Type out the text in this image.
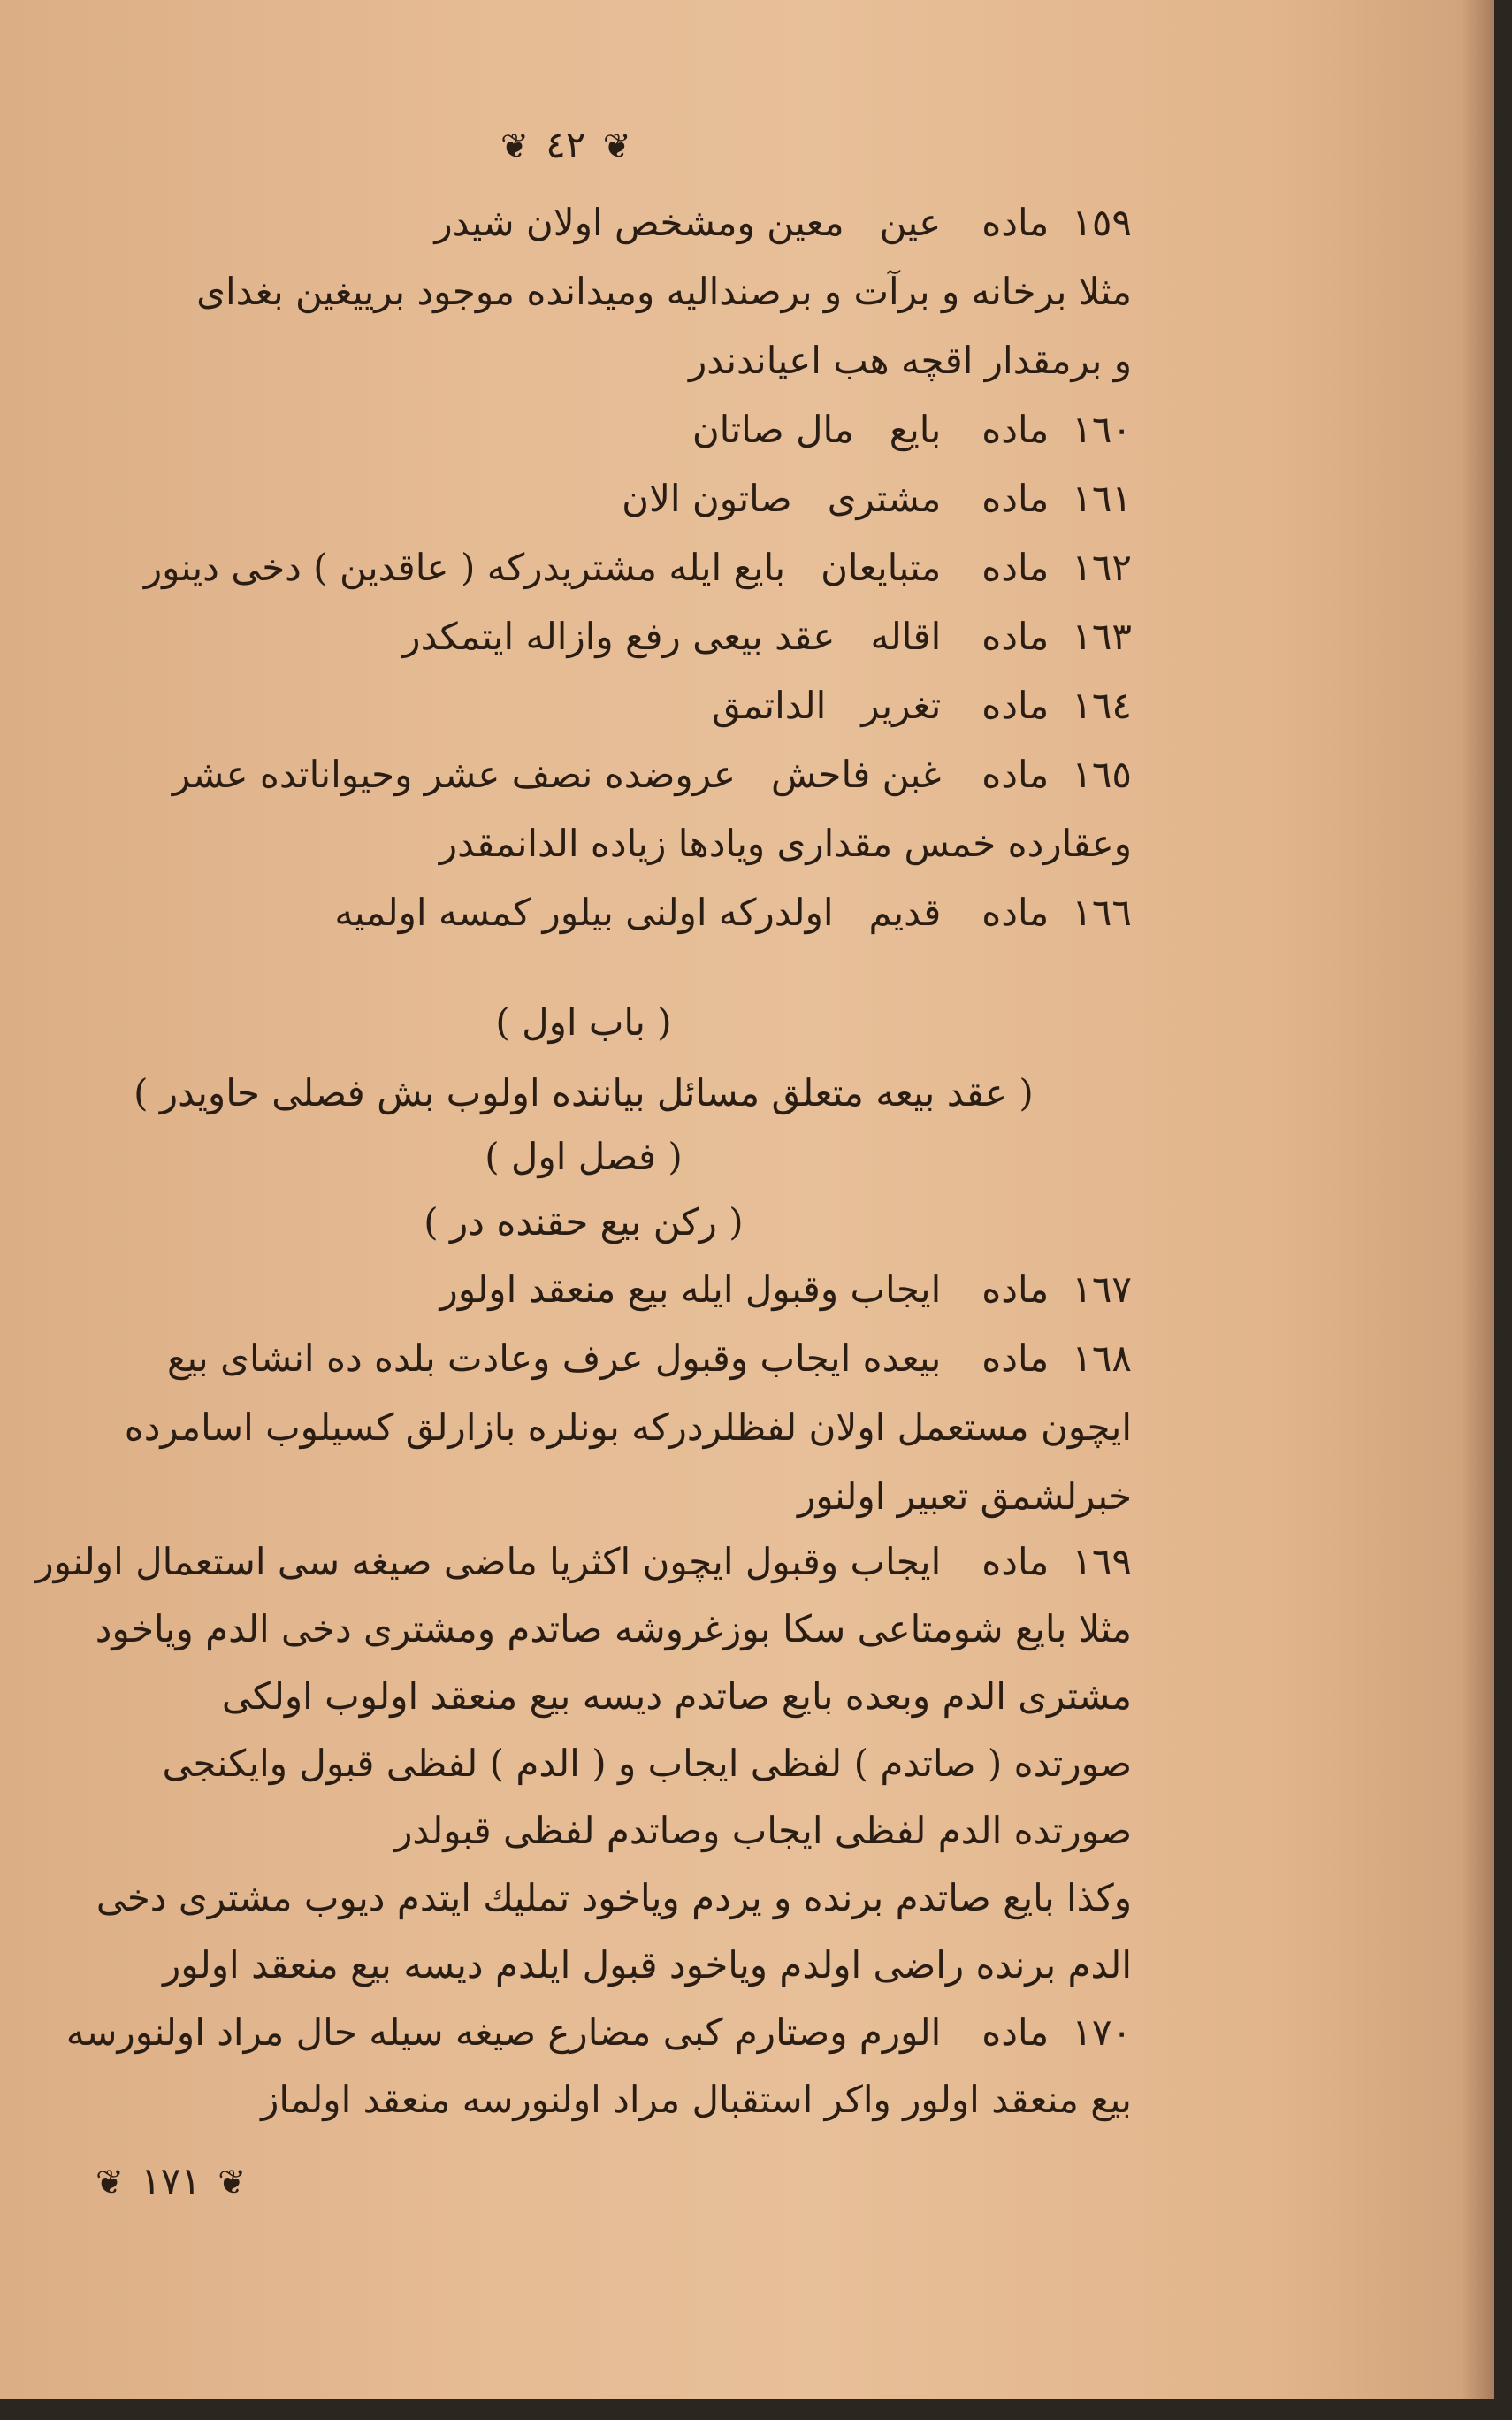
❦ ٤٢ ❦
١٥٩مادهعينمعين ومشخص اولان شيدر
مثلا برخانه و برآت و برصندالیه وميدانده موجود برييغين بغداى
و برمقدار اقچه هب اعياندندر
١٦٠مادهبايعمال صاتان
١٦١مادهمشترىصاتون الان
١٦٢مادهمتبايعانبايع ايله مشتريدركه ( عاقدين ) دخى دينور
١٦٣مادهاقالهعقد بيعى رفع وازاله ايتمكدر
١٦٤مادهتغريرالداتمق
١٦٥مادهغبن فاحشعروضده نصف عشر وحيواناتده عشر
وعقارده خمس مقدارى ويادها زياده الدانمقدر
١٦٦مادهقديماولدركه اولنى بيلور كمسه اولميه
( باب اول )
( عقد بيعه متعلق مسائل بياننده اولوب بش فصلى حاويدر )
( فصل اول )
( ركن بيع حقنده در )
١٦٧مادهايجاب وقبول ايله بيع منعقد اولور
١٦٨مادهبيعده ايجاب وقبول عرف وعادت بلده ده انشاى بيع
ايچون مستعمل اولان لفظلردركه بونلره بازارلق كسيلوب اسامرده
خبرلشمق تعبير اولنور
١٦٩مادهايجاب وقبول ايچون اكثريا ماضى صيغه سى استعمال اولنور
مثلا بايع شومتاعى سكا بوزغروشه صاتدم ومشترى دخى الدم وياخود
مشترى الدم وبعده بايع صاتدم ديسه بيع منعقد اولوب اولكى
صورتده ( صاتدم ) لفظى ايجاب و ( الدم ) لفظى قبول وايكنجى
صورتده الدم لفظى ايجاب وصاتدم لفظى قبولدر
وكذا بايع صاتدم برنده و يردم وياخود تمليك ايتدم ديوب مشترى دخى
الدم برنده راضى اولدم وياخود قبول ايلدم ديسه بيع منعقد اولور
١٧٠مادهالورم وصتارم كبى مضارع صيغه سيله حال مراد اولنورسه
بيع منعقد اولور واكر استقبال مراد اولنورسه منعقد اولماز
❦ ١٧١ ❦
